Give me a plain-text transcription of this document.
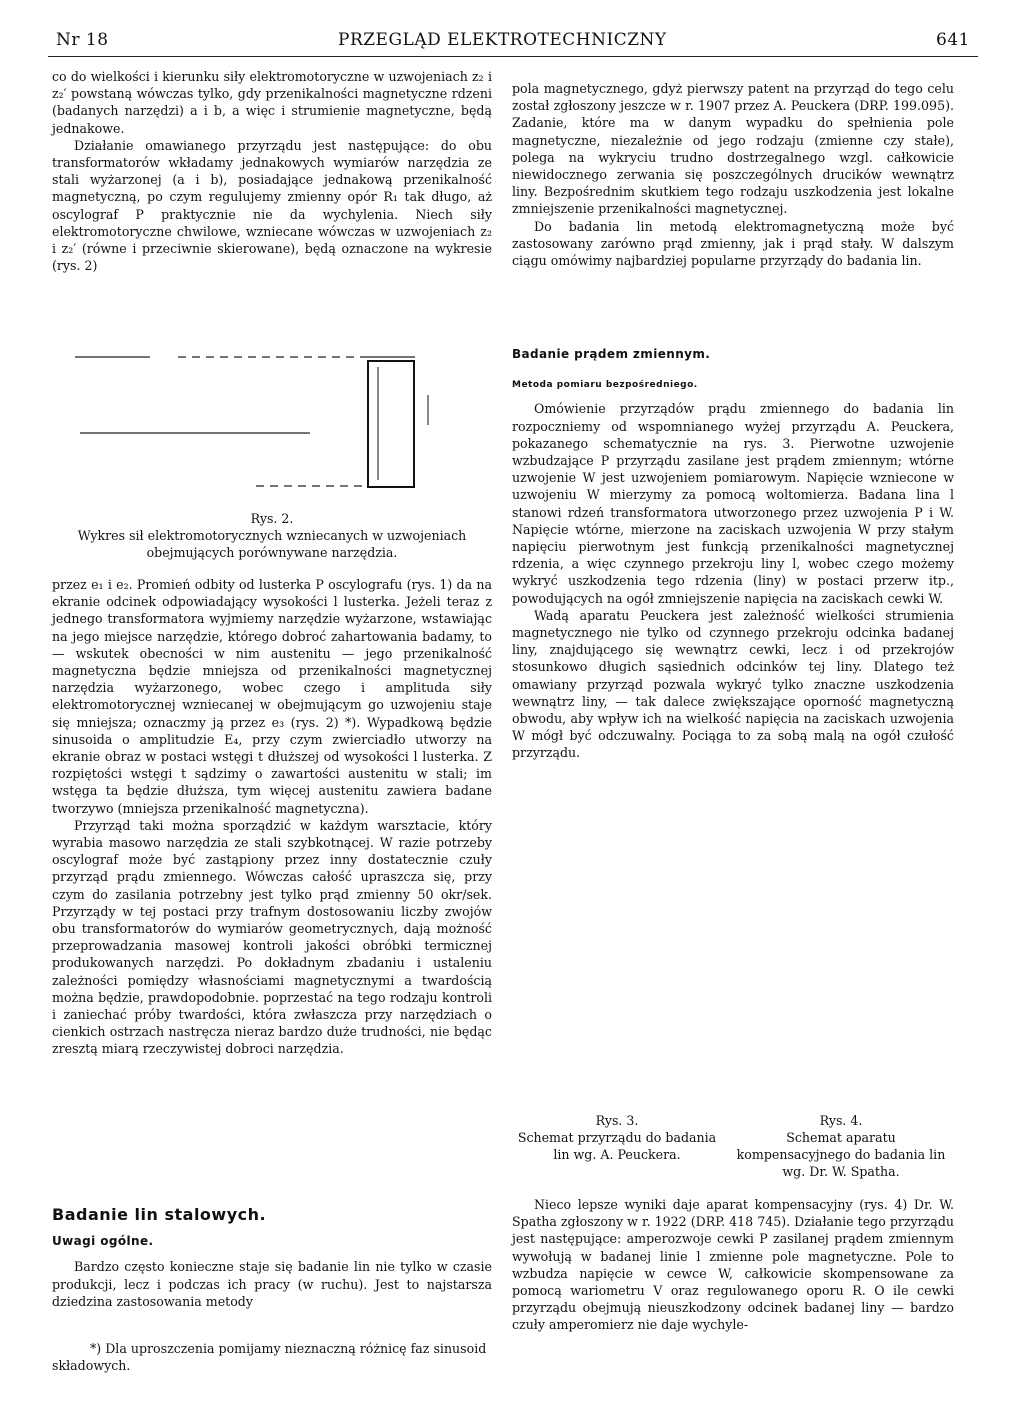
Nr 18	PRZEGLĄD ELEKTROTECHNICZNY	641

co do wielkości i kierunku siły elektromotoryczne w uzwojeniach z₂ i z₂′ powstaną wówczas tylko, gdy przenikalności magnetyczne rdzeni (badanych narzędzi) a i b, a więc i strumienie magnetyczne, będą jednakowe.

Działanie omawianego przyrządu jest następujące: do obu transformatorów wkładamy jednakowych wymiarów narzędzia ze stali wyżarzonej (a i b), posiadające jednakową przenikalność magnetyczną, po czym regulujemy zmienny opór R₁ tak długo, aż oscylograf P praktycznie nie da wychylenia. Niech siły elektromotoryczne chwilowe, wzniecane wówczas w uzwojeniach z₂ i z₂′ (równe i przeciwnie skierowane), będą oznaczone na wykresie (rys. 2)

Rys. 2.
Wykres sił elektromotorycznych wzniecanych w uzwojeniach obejmujących porównywane narzędzia.

przez e₁ i e₂. Promień odbity od lusterka P oscylografu (rys. 1) da na ekranie odcinek odpowiadający wysokości l lusterka. Jeżeli teraz z jednego transformatora wyjmiemy narzędzie wyżarzone, wstawiając na jego miejsce narzędzie, którego dobroć zahartowania badamy, to — wskutek obecności w nim austenitu — jego przenikalność magnetyczna będzie mniejsza od przenikalności magnetycznej narzędzia wyżarzonego, wobec czego i amplituda siły elektromotorycznej wzniecanej w obejmującym go uzwojeniu staje się mniejsza; oznaczmy ją przez e₃ (rys. 2) *). Wypadkową będzie sinusoida o amplitudzie E₄, przy czym zwierciadło utworzy na ekranie obraz w postaci wstęgi t dłuższej od wysokości l lusterka. Z rozpiętości wstęgi t sądzimy o zawartości austenitu w stali; im wstęga ta będzie dłuższa, tym więcej austenitu zawiera badane tworzywo (mniejsza przenikalność magnetyczna).

Przyrząd taki można sporządzić w każdym warsztacie, który wyrabia masowo narzędzia ze stali szybkotnącej. W razie potrzeby oscylograf może być zastąpiony przez inny dostatecznie czuły przyrząd prądu zmiennego. Wówczas całość upraszcza się, przy czym do zasilania potrzebny jest tylko prąd zmienny 50 okr/sek. Przyrządy w tej postaci przy trafnym dostosowaniu liczby zwojów obu transformatorów do wymiarów geometrycznych, dają możność przeprowadzania masowej kontroli jakości obróbki termicznej produkowanych narzędzi. Po dokładnym zbadaniu i ustaleniu zależności pomiędzy własnościami magnetycznymi a twardością można będzie, prawdopodobnie. poprzestać na tego rodzaju kontroli i zaniechać próby twardości, która zwłaszcza przy narzędziach o cienkich ostrzach nastręcza nieraz bardzo duże trudności, nie będąc zresztą miarą rzeczywistej dobroci narzędzia.

Badanie lin stalowych.
Uwagi ogólne.

Bardzo często konieczne staje się badanie lin nie tylko w czasie produkcji, lecz i podczas ich pracy (w ruchu). Jest to najstarsza dziedzina zastosowania metody

*) Dla uproszczenia pomijamy nieznaczną różnicę faz sinusoid składowych.

pola magnetycznego, gdyż pierwszy patent na przyrząd do tego celu został zgłoszony jeszcze w r. 1907 przez A. Peuckera (DRP. 199.095). Zadanie, które ma w danym wypadku do spełnienia pole magnetyczne, niezależnie od jego rodzaju (zmienne czy stałe), polega na wykryciu trudno dostrzegalnego wzgl. całkowicie niewidocznego zerwania się poszczególnych drucików wewnątrz liny. Bezpośrednim skutkiem tego rodzaju uszkodzenia jest lokalne zmniejszenie przenikalności magnetycznej.

Do badania lin metodą elektromagnetyczną może być zastosowany zarówno prąd zmienny, jak i prąd stały. W dalszym ciągu omówimy najbardziej popularne przyrządy do badania lin.

Badanie prądem zmiennym.
Metoda pomiaru bezpośredniego.

Omówienie przyrządów prądu zmiennego do badania lin rozpoczniemy od wspomnianego wyżej przyrządu A. Peuckera, pokazanego schematycznie na rys. 3. Pierwotne uzwojenie wzbudzające P przyrządu zasilane jest prądem zmiennym; wtórne uzwojenie W jest uzwojeniem pomiarowym. Napięcie wzniecone w uzwojeniu W mierzymy za pomocą woltomierza. Badana lina l stanowi rdzeń transformatora utworzonego przez uzwojenia P i W. Napięcie wtórne, mierzone na zaciskach uzwojenia W przy stałym napięciu pierwotnym jest funkcją przenikalności magnetycznej rdzenia, a więc czynnego przekroju liny l, wobec czego możemy wykryć uszkodzenia tego rdzenia (liny) w postaci przerw itp., powodujących na ogół zmniejszenie napięcia na zaciskach cewki W.

Wadą aparatu Peuckera jest zależność wielkości strumienia magnetycznego nie tylko od czynnego przekroju odcinka badanej liny, znajdującego się wewnątrz cewki, lecz i od przekrojów stosunkowo długich sąsiednich odcinków tej liny. Dlatego też omawiany przyrząd pozwala wykryć tylko znaczne uszkodzenia wewnątrz liny, — tak dalece zwiększające oporność magnetyczną obwodu, aby wpływ ich na wielkość napięcia na zaciskach uzwojenia W mógł być odczuwalny. Pociąga to za sobą malą na ogół czułość przyrządu.

Rys. 3.
Schemat przyrządu do badania lin wg. A. Peuckera.
Rys. 4.
Schemat aparatu kompensacyjnego do badania lin wg. Dr. W. Spatha.

Nieco lepsze wyniki daje aparat kompensacyjny (rys. 4) Dr. W. Spatha zgłoszony w r. 1922 (DRP. 418 745). Działanie tego przyrządu jest następujące: amperozwoje cewki P zasilanej prądem zmiennym wywołują w badanej linie l zmienne pole magnetyczne. Pole to wzbudza napięcie w cewce W, całkowicie skompensowane za pomocą wariometru V oraz regulowanego oporu R. O ile cewki przyrządu obejmują nieuszkodzony odcinek badanej liny — bardzo czuły amperomierz nie daje wychyle-
